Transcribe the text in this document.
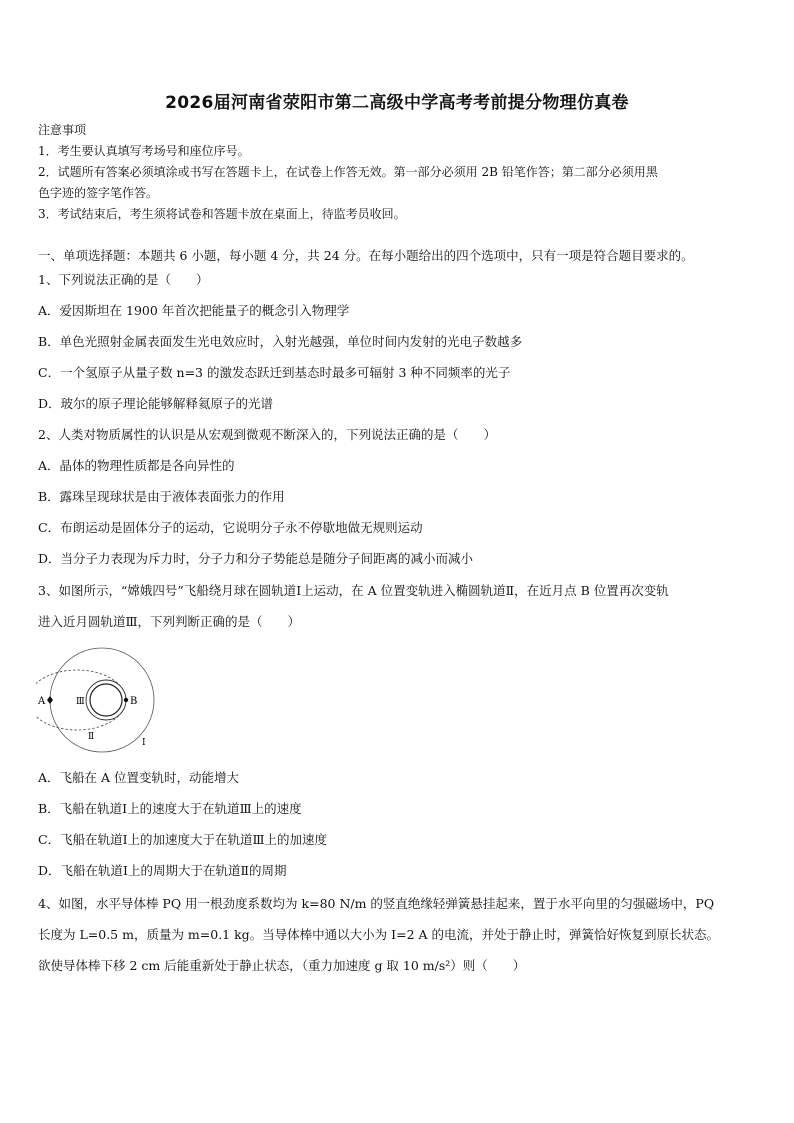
2026届河南省荥阳市第二高级中学高考考前提分物理仿真卷
注意事项
1．考生要认真填写考场号和座位序号。
2．试题所有答案必须填涂或书写在答题卡上，在试卷上作答无效。第一部分必须用 2B 铅笔作答；第二部分必须用黑
色字迹的签字笔作答。
3．考试结束后，考生须将试卷和答题卡放在桌面上，待监考员收回。
一、单项选择题：本题共 6 小题，每小题 4 分，共 24 分。在每小题给出的四个选项中，只有一项是符合题目要求的。
1、下列说法正确的是（　　）
A．爱因斯坦在 1900 年首次把能量子的概念引入物理学
B．单色光照射金属表面发生光电效应时，入射光越强，单位时间内发射的光电子数越多
C．一个氢原子从量子数 n=3 的激发态跃迁到基态时最多可辐射 3 种不同频率的光子
D．玻尔的原子理论能够解释氦原子的光谱
2、人类对物质属性的认识是从宏观到微观不断深入的，下列说法正确的是（　　）
A．晶体的物理性质都是各向异性的
B．露珠呈现球状是由于液体表面张力的作用
C．布朗运动是固体分子的运动，它说明分子永不停歇地做无规则运动
D．当分子力表现为斥力时，分子力和分子势能总是随分子间距离的减小而减小
3、如图所示，“嫦娥四号”飞船绕月球在圆轨道Ⅰ上运动，在 A 位置变轨进入椭圆轨道Ⅱ，在近月点 B 位置再次变轨
进入近月圆轨道Ⅲ，下列判断正确的是（　　）
A	B
Ⅲ
Ⅱ
Ⅰ
A．飞船在 A 位置变轨时，动能增大
B．飞船在轨道Ⅰ上的速度大于在轨道Ⅲ上的速度
C．飞船在轨道Ⅰ上的加速度大于在轨道Ⅲ上的加速度
D．飞船在轨道Ⅰ上的周期大于在轨道Ⅱ的周期
4、如图，水平导体棒 PQ 用一根劲度系数均为 k=80 N/m 的竖直绝缘轻弹簧悬挂起来，置于水平向里的匀强磁场中，PQ
长度为 L=0.5 m，质量为 m=0.1 kg。当导体棒中通以大小为 I=2 A 的电流，并处于静止时，弹簧恰好恢复到原长状态。
欲使导体棒下移 2 cm 后能重新处于静止状态，（重力加速度 g 取 10 m/s²）则（　　）
